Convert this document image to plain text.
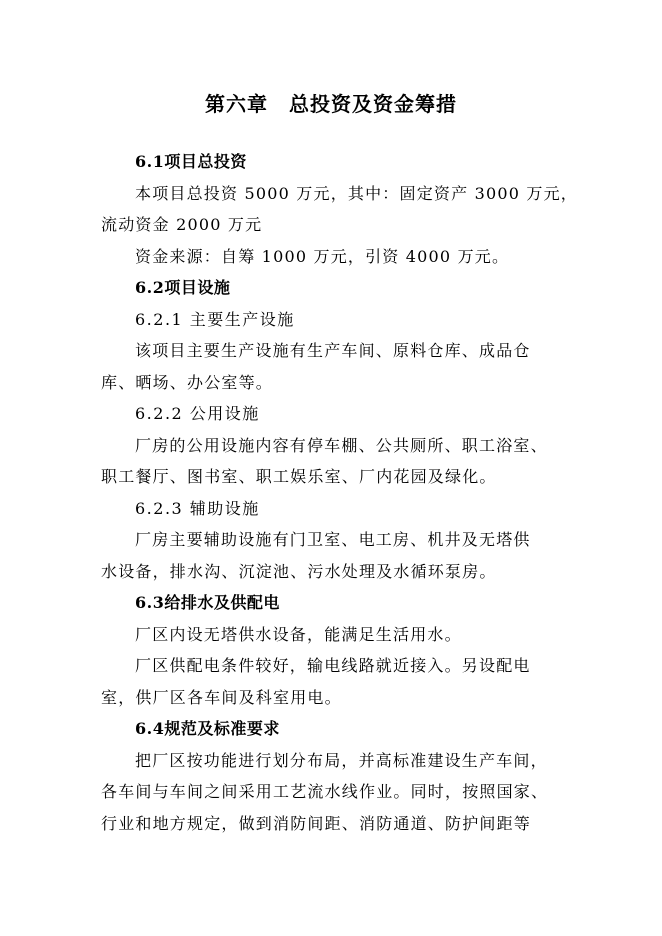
第六章　总投资及资金筹措
6.1项目总投资
本项目总投资 5000 万元，其中：固定资产 3000 万元，
流动资金 2000 万元
资金来源：自筹 1000 万元，引资 4000 万元。
6.2项目设施
6.2.1 主要生产设施
该项目主要生产设施有生产车间、原料仓库、成品仓
库、晒场、办公室等。
6.2.2 公用设施
厂房的公用设施内容有停车棚、公共厕所、职工浴室、
职工餐厅、图书室、职工娱乐室、厂内花园及绿化。
6.2.3 辅助设施
厂房主要辅助设施有门卫室、电工房、机井及无塔供
水设备，排水沟、沉淀池、污水处理及水循环泵房。
6.3给排水及供配电
厂区内设无塔供水设备，能满足生活用水。
厂区供配电条件较好，输电线路就近接入。另设配电
室，供厂区各车间及科室用电。
6.4规范及标准要求
把厂区按功能进行划分布局，并高标准建设生产车间，
各车间与车间之间采用工艺流水线作业。同时，按照国家、
行业和地方规定，做到消防间距、消防通道、防护间距等
